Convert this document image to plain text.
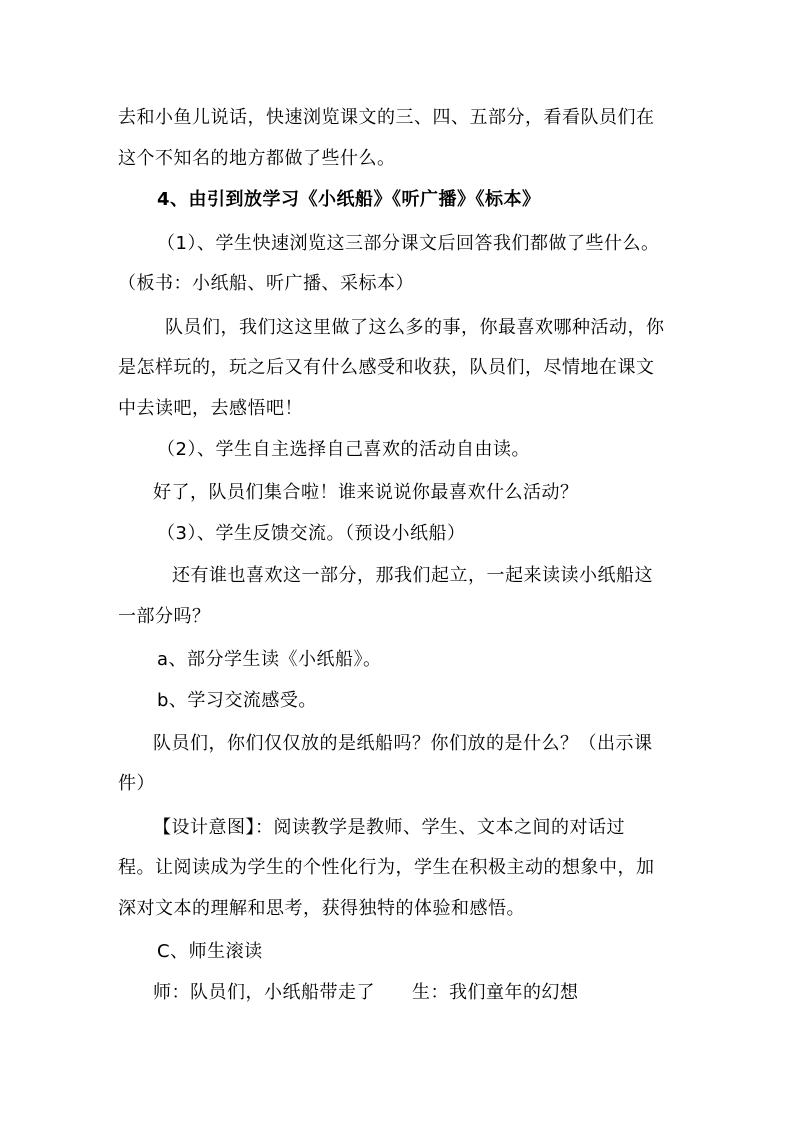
去和小鱼儿说话，快速浏览课文的三、四、五部分，看看队员们在
这个不知名的地方都做了些什么。
4、由引到放学习《小纸船》《听广播》《标本》
（1）、学生快速浏览这三部分课文后回答我们都做了些什么。
（板书：小纸船、听广播、采标本）
队员们，我们这这里做了这么多的事，你最喜欢哪种活动，你
是怎样玩的，玩之后又有什么感受和收获，队员们，尽情地在课文
中去读吧，去感悟吧！
（2）、学生自主选择自己喜欢的活动自由读。
好了，队员们集合啦！谁来说说你最喜欢什么活动？
（3）、学生反馈交流。（预设小纸船）
还有谁也喜欢这一部分，那我们起立，一起来读读小纸船这
一部分吗？
a、部分学生读《小纸船》。
b、学习交流感受。
队员们，你们仅仅放的是纸船吗？你们放的是什么？（出示课
件）
【设计意图】：阅读教学是教师、学生、文本之间的对话过
程。让阅读成为学生的个性化行为，学生在积极主动的想象中，加
深对文本的理解和思考，获得独特的体验和感悟。
C、师生滚读
师：队员们，小纸船带走了　　生：我们童年的幻想
